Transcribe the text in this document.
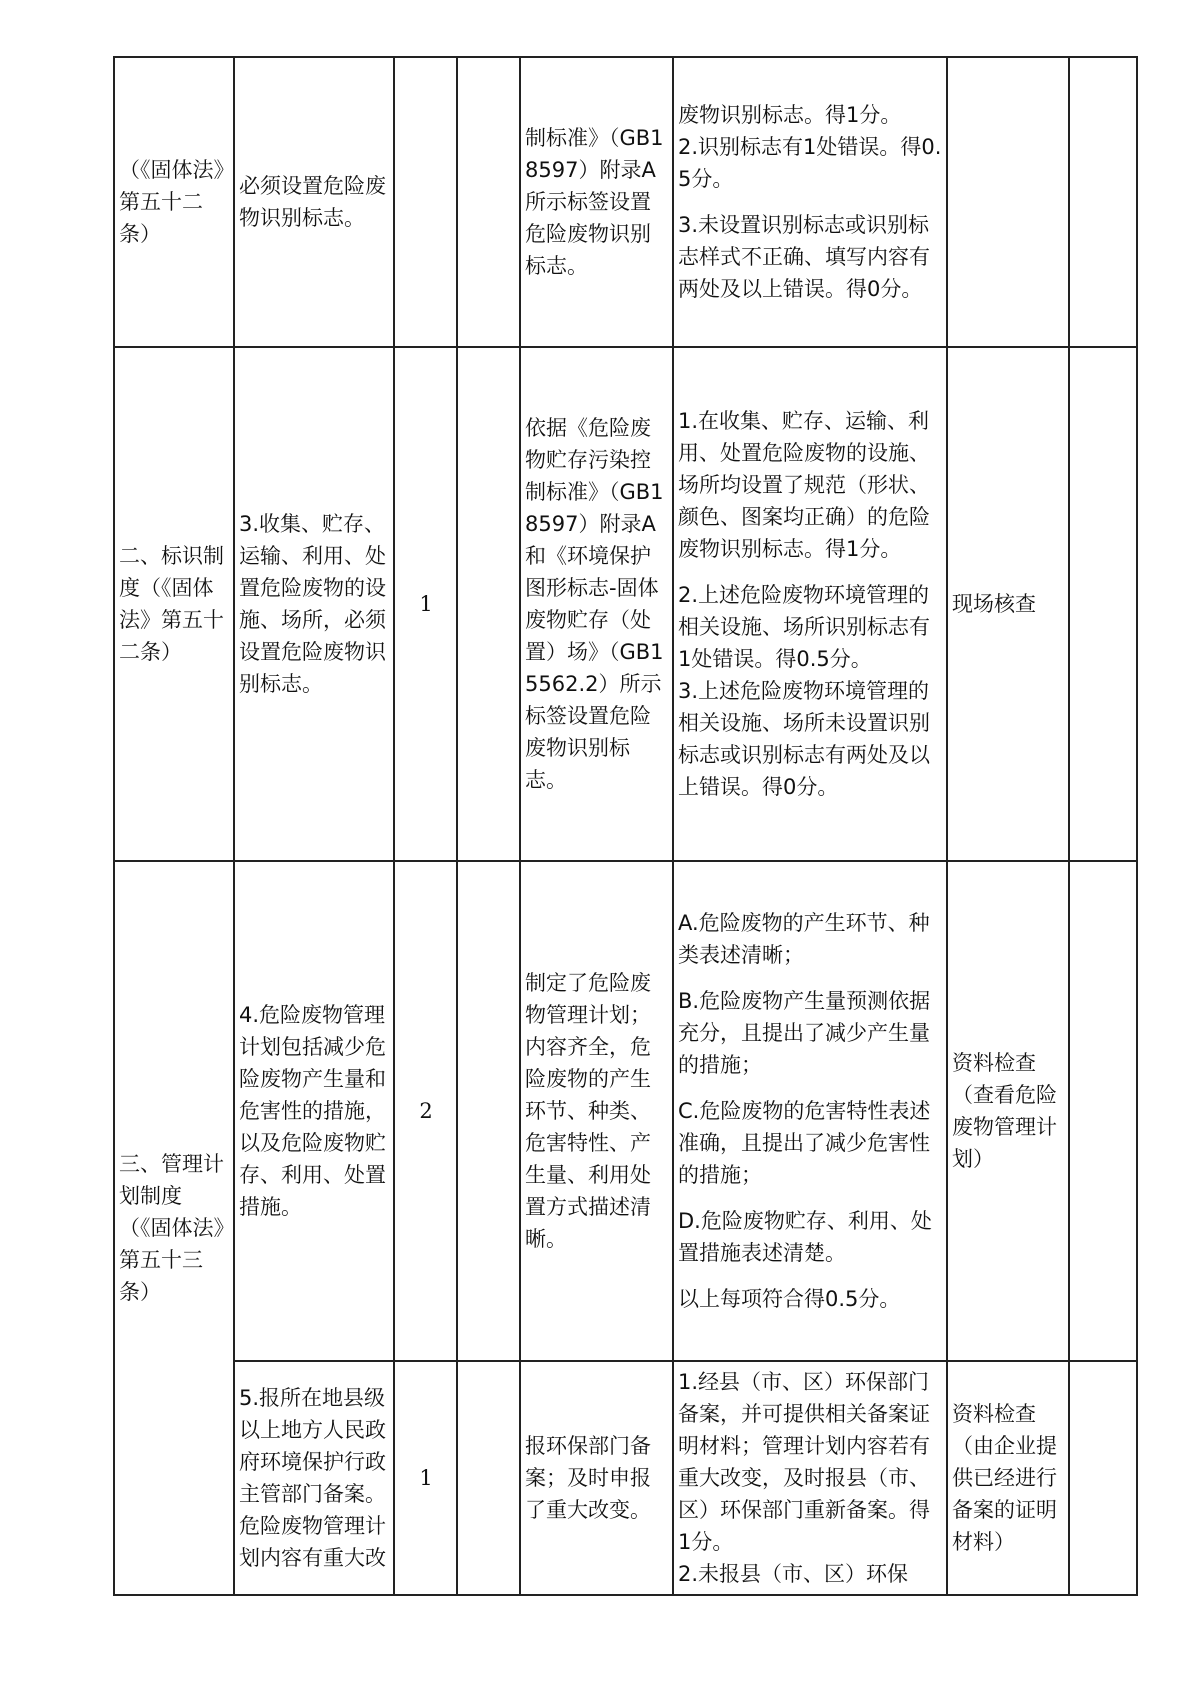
（《固体法》第五十二条）	必须设置危险废物识别标志。			制标准》（GB18597）附录A所示标签设置危险废物识别标志。	废物识别标志。得1分。
2.识别标志有1处错误。得0.5分。
3.未设置识别标志或识别标志样式不正确、填写内容有两处及以上错误。得0分。		

二、标识制度（《固体法》第五十二条）	3.收集、贮存、运输、利用、处置危险废物的设施、场所，必须设置危险废物识别标志。	1		依据《危险废物贮存污染控制标准》（GB18597）附录A和《环境保护图形标志-固体废物贮存（处置）场》（GB15562.2）所示标签设置危险废物识别标志。	1.在收集、贮存、运输、利用、处置危险废物的设施、场所均设置了规范（形状、颜色、图案均正确）的危险废物识别标志。得1分。
2.上述危险废物环境管理的相关设施、场所识别标志有1处错误。得0.5分。
3.上述危险废物环境管理的相关设施、场所未设置识别标志或识别标志有两处及以上错误。得0分。	现场核查	
三、管理计划制度（《固体法》第五十三条）	4.危险废物管理计划包括减少危险废物产生量和危害性的措施，以及危险废物贮存、利用、处置措施。	2		制定了危险废物管理计划；内容齐全，危险废物的产生环节、种类、危害特性、产生量、利用处置方式描述清晰。	A.危险废物的产生环节、种类表述清晰；
B.危险废物产生量预测依据充分，且提出了减少产生量的措施；
C.危险废物的危害特性表述准确，且提出了减少危害性的措施；
D.危险废物贮存、利用、处置措施表述清楚。
以上每项符合得0.5分。	资料检查（查看危险废物管理计划）	
	5.报所在地县级以上地方人民政府环境保护行政主管部门备案。危险废物管理计划内容有重大改	1		报环保部门备案；及时申报了重大改变。	1.经县（市、区）环保部门备案，并可提供相关备案证明材料；管理计划内容若有重大改变，及时报县（市、区）环保部门重新备案。得1分。
2.未报县（市、区）环保	资料检查（由企业提供已经进行备案的证明材料）	
